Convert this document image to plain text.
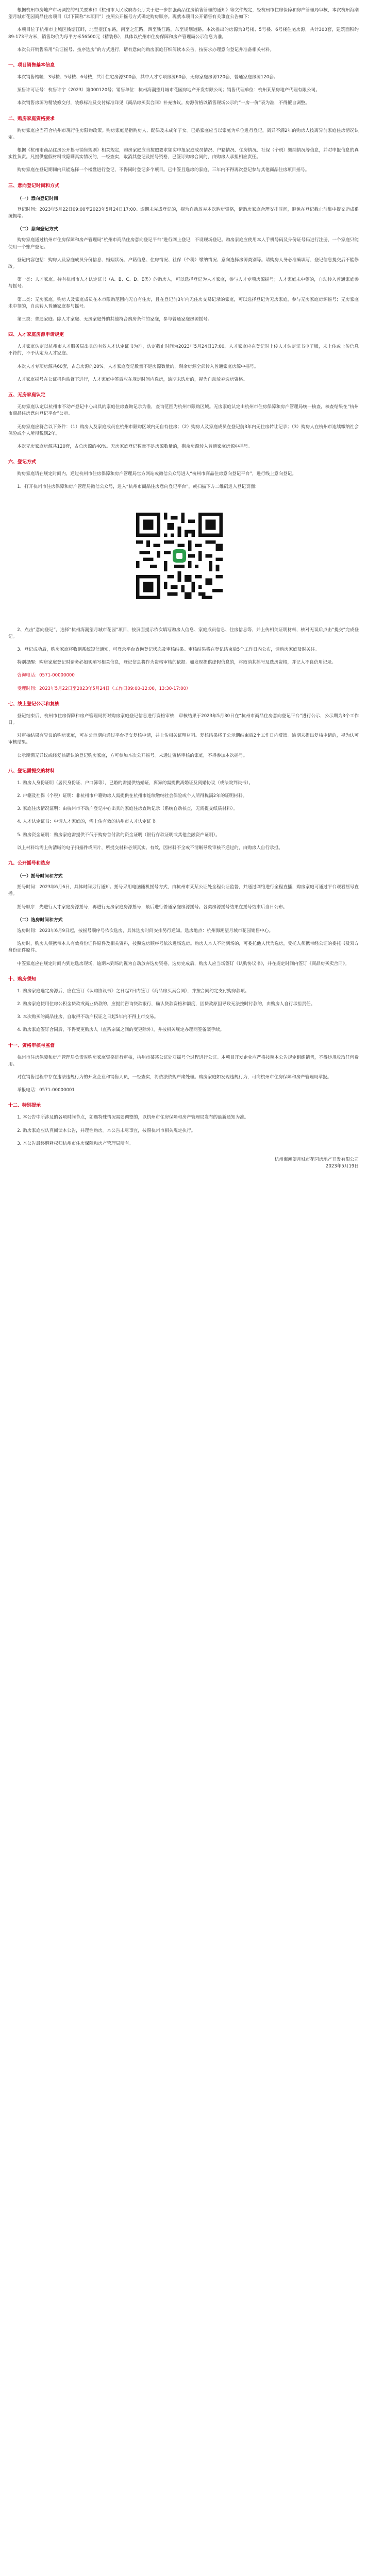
根据杭州市房地产市场调控的相关要求和《杭州市人民政府办公厅关于进一步加强商品住房销售管理的通知》等文件规定，经杭州市住房保障和房产管理局审核，本次杭州海潮望月城市花园商品住房项目（以下简称“本项目”）按照公开摇号方式确定购房顺序。现就本项目公开销售有关事宜公告如下：

本项目位于杭州市上城区钱塘江畔，北至望江东路，南至之江路，西至钱江路，东至规划道路。本次推出的房源为3号楼、5号楼、6号楼住宅房源，共计300套，建筑面积约89-173平方米，销售均价为每平方米56500元（精装修），具体以杭州市住房保障和房产管理局公示信息为准。

本次公开销售采用“公证摇号、按序选房”的方式进行，请有意向的购房家庭仔细阅读本公告，按要求办理意向登记并准备相关材料。

一、项目销售基本信息

本次销售楼幢：3号楼、5号楼、6号楼，共计住宅房源300套，其中人才专项房源60套，无房家庭房源120套，普通家庭房源120套。

预售许可证号：杭售许字（2023）第000120号；销售单位：杭州海潮望月城市花园房地产开发有限公司；销售代理单位：杭州某某房地产代理有限公司。

本次销售房源为精装修交付，装修标准及交付标准详见《商品房买卖合同》补充协议。房源价格以销售现场公示的“一房一价”表为准，不得擅自调整。

二、购房家庭资格要求

购房家庭应当符合杭州市现行住房限购政策。购房家庭是指购房人、配偶及未成年子女。已婚家庭应当以家庭为单位进行登记，离异不满2年的购房人按离异前家庭住房情况认定。

根据《杭州市商品住房公开摇号销售规则》相关规定，购房家庭应当按照要求如实申报家庭成员情况、户籍情况、住房情况、社保（个税）缴纳情况等信息，并对申报信息的真实性负责。凡提供虚假材料或隐瞒真实情况的，一经查实，取消其登记及摇号资格，已签订购房合同的，由购房人承担相应责任。

购房家庭在登记期间内只能选择一个楼盘进行登记，不得同时登记多个项目。已中签且选房的家庭，三年内不得再次登记参与其他商品住房项目摇号。

三、意向登记时间和方式
（一）意向登记时间

登记时间：2023年5月22日09:00至2023年5月24日17:00。逾期未完成登记的，视为自动放弃本次购房资格，请购房家庭合理安排时间，避免在登记截止前集中提交造成系统拥堵。

（二）意向登记方式

购房家庭通过杭州市住房保障和房产管理局“杭州市商品住房意向登记平台”进行网上登记，不设现场登记。购房家庭应使用本人手机号码及身份证号码进行注册，一个家庭只能使用一个账户登记。

登记内容包括：购房人及家庭成员身份信息、婚姻状况、户籍信息、住房情况、社保（个税）缴纳情况、意向选择房源类别等。请购房人务必准确填写，登记信息提交后不能修改。

第一类：人才家庭。持有杭州市人才认定证书（A、B、C、D、E类）的购房人，可以选择登记为人才家庭，参与人才专项房源摇号；人才家庭未中签的，自动转入普通家庭参与摇号。

第二类：无房家庭。购房人及家庭成员在本市限购范围内无自有住房，且在登记前3年内无住房交易记录的家庭，可以选择登记为无房家庭，参与无房家庭房源摇号；无房家庭未中签的，自动转入普通家庭参与摇号。

第三类：普通家庭。除人才家庭、无房家庭外的其他符合购房条件的家庭，参与普通家庭房源摇号。

四、人才家庭房源申请规定

人才家庭认定以杭州市人才服务局出具的有效人才认定证书为准，认定截止时间为2023年5月24日17:00。人才家庭应在登记时上传人才认定证书电子版，未上传或上传信息不符的，不予认定为人才家庭。

本次人才专项房源共60套，占总房源的20%。人才家庭登记数量不足房源数量的，剩余房源全部转入普通家庭房源中摇号。

人才家庭摇号在公证机构监督下进行，人才家庭中签后应在规定时间内选房，逾期未选房的，视为自动放弃选房资格。

五、无房家庭认定

无房家庭认定以杭州市不动产登记中心出具的家庭住房查询记录为准，查询范围为杭州市限购区域。无房家庭认定由杭州市住房保障和房产管理局统一核查，核查结果在“杭州市商品住房意向登记平台”公示。

无房家庭应符合以下条件：（1）购房人及家庭成员在杭州市限购区域内无自有住房；（2）购房人及家庭成员在登记前3年内无住房转让记录；（3）购房人在杭州市连续缴纳社会保险或个人所得税满2年。

本次无房家庭房源共120套，占总房源的40%。无房家庭登记数量不足房源数量的，剩余房源转入普通家庭房源中摇号。

六、登记方式

购房家庭请在规定时间内，通过杭州市住房保障和房产管理局官方网站或微信公众号进入“杭州市商品住房意向登记平台”，进行线上意向登记。

1、打开杭州市住房保障和房产管理局微信公众号，进入“杭州市商品住房意向登记平台”，或扫描下方二维码进入登记页面：

2、点击“意向登记”，选择“杭州海潮望月城市花园”项目，按页面提示依次填写购房人信息、家庭成员信息、住房信息等，并上传相关证明材料，核对无误后点击“提交”完成登记。

3、登记成功后，购房家庭将收到系统短信通知，可登录平台查询登记状态及审核结果。审核结果将在登记结束后5个工作日内公布，请购房家庭及时关注。

特别提醒：购房家庭登记时请务必如实填写相关信息，登记信息将作为资格审核的依据。如发现提供虚假信息的，将取消其摇号及选房资格，并记入不良信用记录。

咨询电话：0571-00000000

受理时间：2023年5月22日至2023年5月24日（工作日09:00-12:00，13:30-17:00）

七、线上登记公示和复核

登记结束后，杭州市住房保障和房产管理局将对购房家庭登记信息进行资格审核，审核结果于2023年5月30日在“杭州市商品住房意向登记平台”进行公示，公示期为3个工作日。

对审核结果有异议的购房家庭，可在公示期内通过平台提交复核申请，并上传相关证明材料。复核结果将于公示期结束后2个工作日内反馈。逾期未提出复核申请的，视为认可审核结果。

公示期满无异议或经复核确认的登记购房家庭，方可参加本次公开摇号。未通过资格审核的家庭，不得参加本次摇号。

八、登记需提交的材料

1. 购房人身份证明（居民身份证、户口簿等），已婚的需提供结婚证，离异的需提供离婚证及离婚协议（或法院判决书）。

2. 户籍及社保（个税）证明：非杭州市户籍购房人需提供在杭州市连续缴纳社会保险或个人所得税满2年的证明材料。

3. 家庭住房情况证明：由杭州市不动产登记中心出具的家庭住房查询记录（系统自动核查，无需提交纸质材料）。

4. 人才认定证书：申请人才家庭的，需上传有效的杭州市人才认定证书。

5. 购房资金证明：购房家庭需提供不低于购房首付款的资金证明（银行存款证明或其他金融资产证明）。

以上材料均需上传清晰的电子扫描件或照片，所提交材料必须真实、有效，因材料不全或不清晰导致审核不通过的，由购房人自行承担。

九、公开摇号和选房
（一）摇号时间和方式

摇号时间：2023年6月6日，具体时间另行通知。摇号采用电脑随机摇号方式，由杭州市某某公证处全程公证监督，并通过网络进行全程直播，购房家庭可通过平台观看摇号直播。

摇号顺序：先进行人才家庭房源摇号，再进行无房家庭房源摇号，最后进行普通家庭房源摇号。各类房源摇号结果在摇号结束后当日公布。

（二）选房时间和方式

选房时间：2023年6月9日起，按摇号顺序号依次选房，具体选房时间安排另行通知。选房地点：杭州海潮望月城市花园销售中心。

选房时，购房人须携带本人有效身份证件原件及相关资料，按照选房顺序号依次进场选房。购房人本人不能到场的，可委托他人代为选房，受托人须携带经公证的委托书及双方身份证件原件。

中签家庭应在规定时间内到达选房现场，逾期未到场的视为自动放弃选房资格。选房完成后，购房人应当场签订《认购协议书》，并在规定时间内签订《商品房买卖合同》。

十、购房须知

1. 购房家庭选定房源后，应在签订《认购协议书》之日起7日内签订《商品房买卖合同》，并按合同约定支付购房款项。

2. 购房家庭使用住房公积金贷款或商业贷款的，应提前咨询贷款银行，确认贷款资格和额度，因贷款原因导致无法按时付款的，由购房人自行承担责任。

3. 本次购买的商品住房，自取得不动产权证之日起5年内不得上市交易。

4. 购房家庭签订合同后，不得变更购房人（直系亲属之间的变更除外），并按相关规定办理网签备案手续。

十一、资格审核与监督

杭州市住房保障和房产管理局负责对购房家庭资格进行审核，杭州市某某公证处对摇号全过程进行公证。本项目开发企业应严格按照本公告规定组织销售，不得违规收取任何费用。

对在销售过程中存在违法违规行为的开发企业和销售人员，一经查实，将依法依规严肃处理。购房家庭如发现违规行为，可向杭州市住房保障和房产管理局举报。

举报电话：0571-00000001

十二、特别提示

1. 本公告中所涉及的各项时间节点，如遇特殊情况需要调整的，以杭州市住房保障和房产管理局发布的最新通知为准。

2. 购房家庭应认真阅读本公告，并理性购房。本公告未尽事宜，按照杭州市相关规定执行。

3. 本公告最终解释权归杭州市住房保障和房产管理局所有。

杭州海潮望月城市花园房地产开发有限公司

2023年5月19日
